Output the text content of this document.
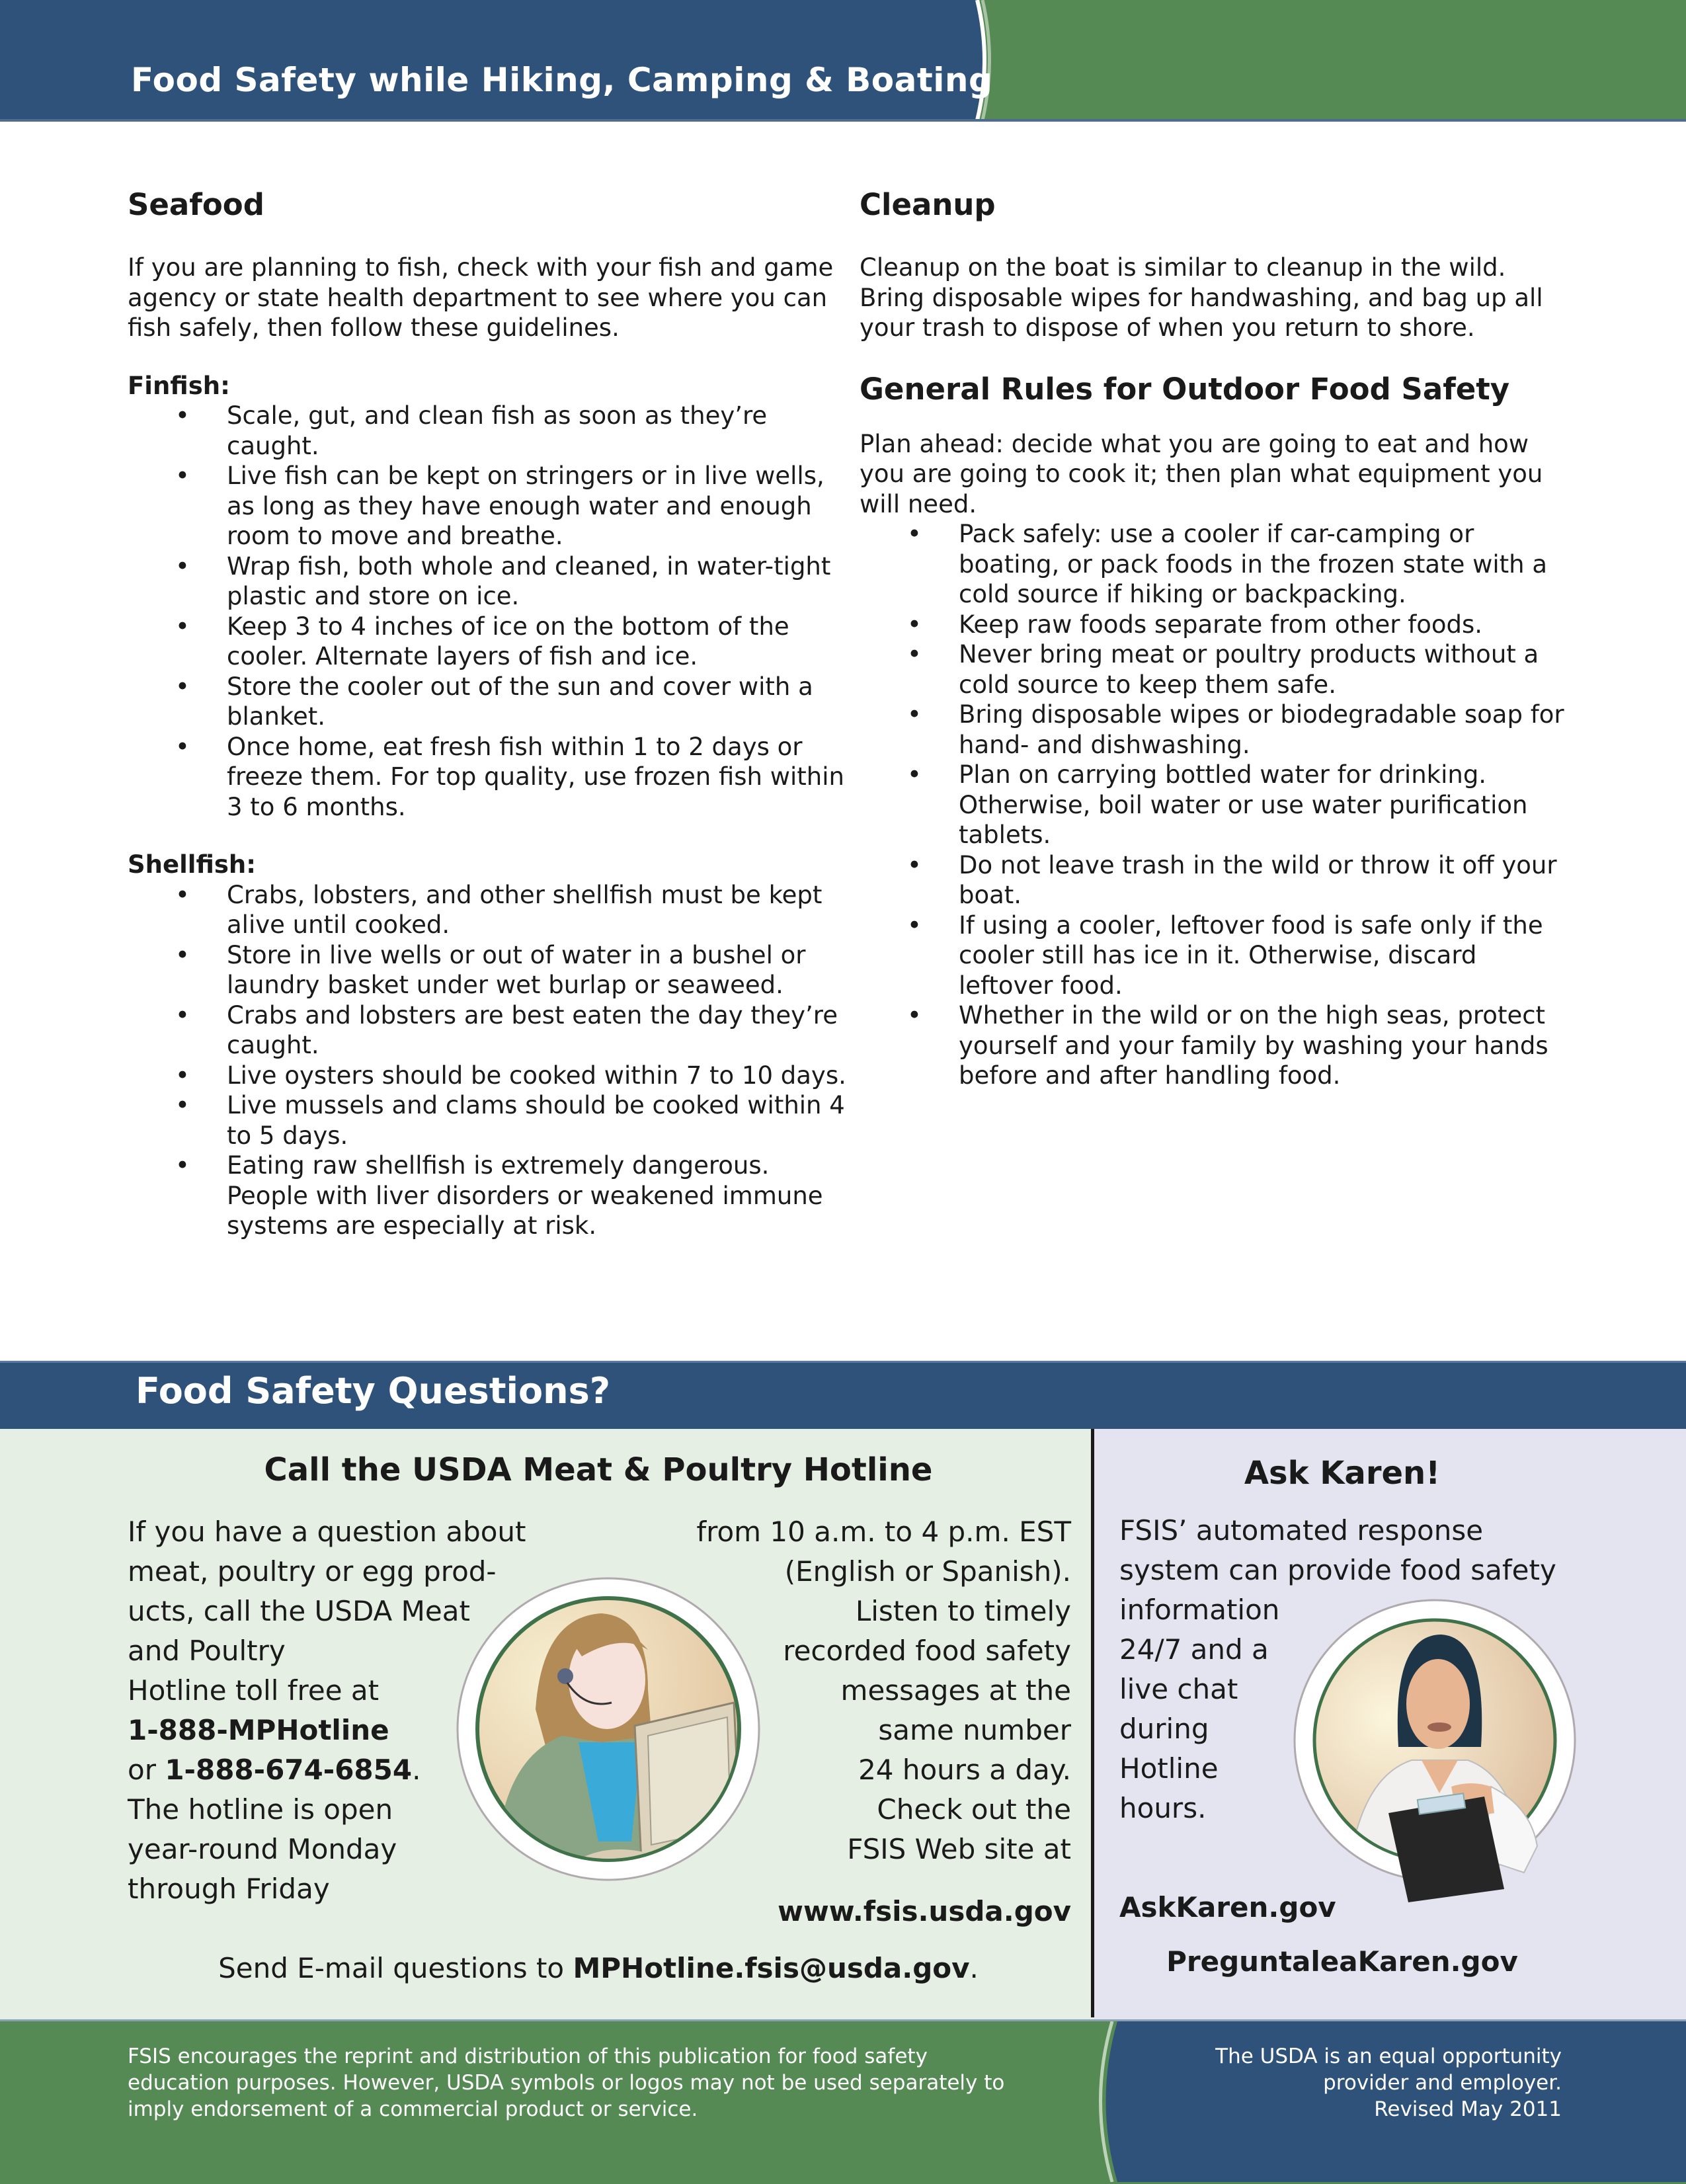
Food Safety while Hiking, Camping & Boating
Seafood

If you are planning to fish, check with your fish and game agency or state health department to see where you can fish safely, then follow these guidelines.

Finfish:
• Scale, gut, and clean fish as soon as they’re caught.
• Live fish can be kept on stringers or in live wells, as long as they have enough water and enough room to move and breathe.
• Wrap fish, both whole and cleaned, in water-tight plastic and store on ice.
• Keep 3 to 4 inches of ice on the bottom of the cooler. Alternate layers of fish and ice.
• Store the cooler out of the sun and cover with a blanket.
• Once home, eat fresh fish within 1 to 2 days or freeze them. For top quality, use frozen fish within 3 to 6 months.
Shellfish:
• Crabs, lobsters, and other shellfish must be kept alive until cooked.
• Store in live wells or out of water in a bushel or laundry basket under wet burlap or seaweed.
• Crabs and lobsters are best eaten the day they’re caught.
• Live oysters should be cooked within 7 to 10 days.
• Live mussels and clams should be cooked within 4 to 5 days.
• Eating raw shellfish is extremely dangerous. People with liver disorders or weakened immune systems are especially at risk.
Cleanup

Cleanup on the boat is similar to cleanup in the wild. Bring disposable wipes for handwashing, and bag up all your trash to dispose of when you return to shore.

General Rules for Outdoor Food Safety

Plan ahead: decide what you are going to eat and how you are going to cook it; then plan what equipment you will need.

• Pack safely: use a cooler if car-camping or boating, or pack foods in the frozen state with a cold source if hiking or backpacking.
• Keep raw foods separate from other foods.
• Never bring meat or poultry products without a cold source to keep them safe.
• Bring disposable wipes or biodegradable soap for hand- and dishwashing.
• Plan on carrying bottled water for drinking. Otherwise, boil water or use water purification tablets.
• Do not leave trash in the wild or throw it off your boat.
• If using a cooler, leftover food is safe only if the cooler still has ice in it. Otherwise, discard leftover food.
• Whether in the wild or on the high seas, protect yourself and your family by washing your hands before and after handling food.
Food Safety Questions?
Call the USDA Meat & Poultry Hotline
If you have a question about
meat, poultry or egg prod-
ucts, call the USDA Meat
and Poultry
Hotline toll free at
1-888-MPHotline
or 1-888-674-6854.
The hotline is open
year-round Monday
through Friday
from 10 a.m. to 4 p.m. EST
(English or Spanish).
Listen to timely
recorded food safety
messages at the
same number
24 hours a day.
Check out the
FSIS Web site at
www.fsis.usda.gov
Send E-mail questions to MPHotline.fsis@usda.gov.
Ask Karen!
FSIS’ automated response
system can provide food safety
information
24/7 and a
live chat
during
Hotline
hours.
AskKaren.gov
PreguntaleaKaren.gov
FSIS encourages the reprint and distribution of this publication for food safety
education purposes. However, USDA symbols or logos may not be used separately to
imply endorsement of a commercial product or service.
The USDA is an equal opportunity
provider and employer.
Revised May 2011
